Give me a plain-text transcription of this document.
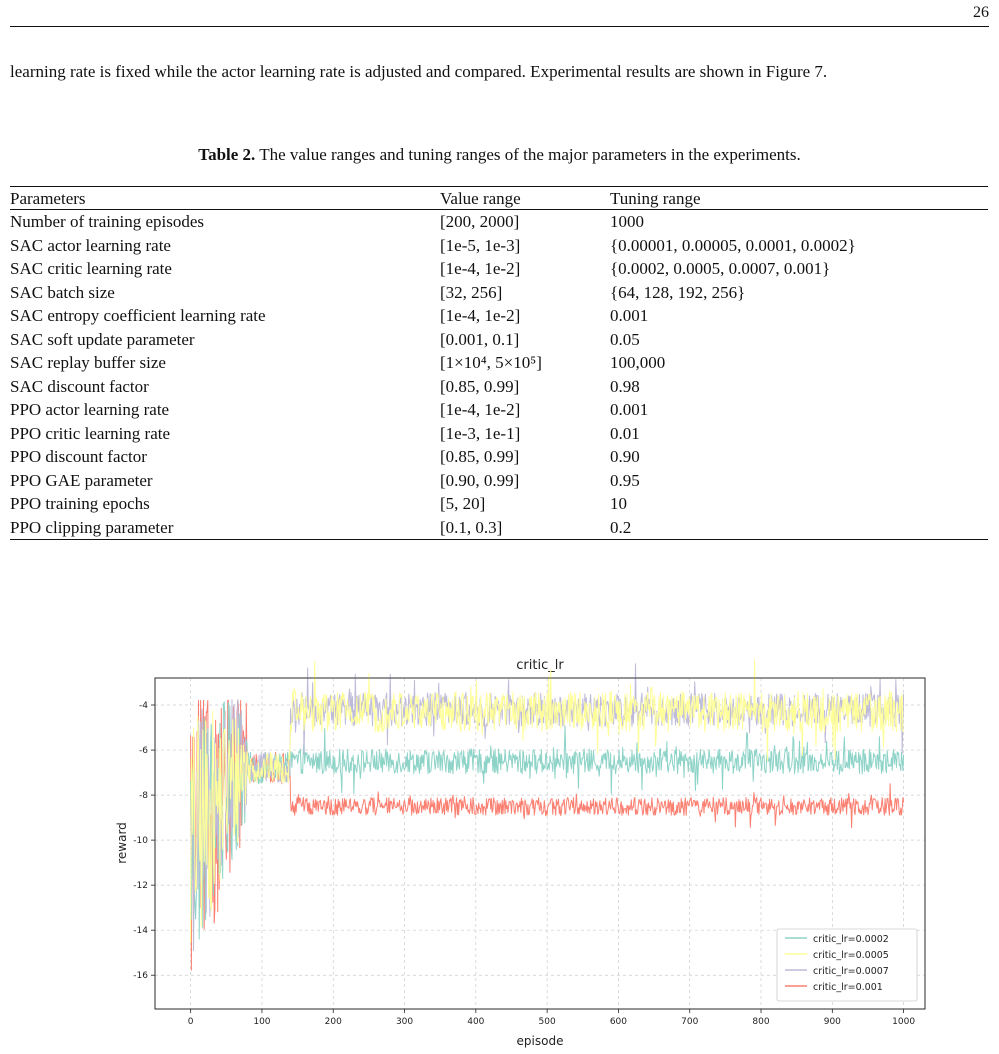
26

learning rate is fixed while the actor learning rate is adjusted and compared. Experimental results are shown in Figure 7.

Table 2. The value ranges and tuning ranges of the major parameters in the experiments.

Parameters	Value range	Tuning range
Number of training episodes	[200, 2000]	1000
SAC actor learning rate	[1e-5, 1e-3]	{0.00001, 0.00005, 0.0001, 0.0002}
SAC critic learning rate	[1e-4, 1e-2]	{0.0002, 0.0005, 0.0007, 0.001}
SAC batch size	[32, 256]	{64, 128, 192, 256}
SAC entropy coefficient learning rate	[1e-4, 1e-2]	0.001
SAC soft update parameter	[0.001, 0.1]	0.05
SAC replay buffer size	[1×10⁴, 5×10⁵]	100,000
SAC discount factor	[0.85, 0.99]	0.98
PPO actor learning rate	[1e-4, 1e-2]	0.001
PPO critic learning rate	[1e-3, 1e-1]	0.01
PPO discount factor	[0.85, 0.99]	0.90
PPO GAE parameter	[0.90, 0.99]	0.95
PPO training epochs	[5, 20]	10
PPO clipping parameter	[0.1, 0.3]	0.2
critic_lr
0	100	200	300	400	500	600	700	800	900	1000
-16
-14
-12
-10
-8
-6
-4
episode
reward
critic_lr=0.0002
critic_lr=0.0005
critic_lr=0.0007
critic_lr=0.001
